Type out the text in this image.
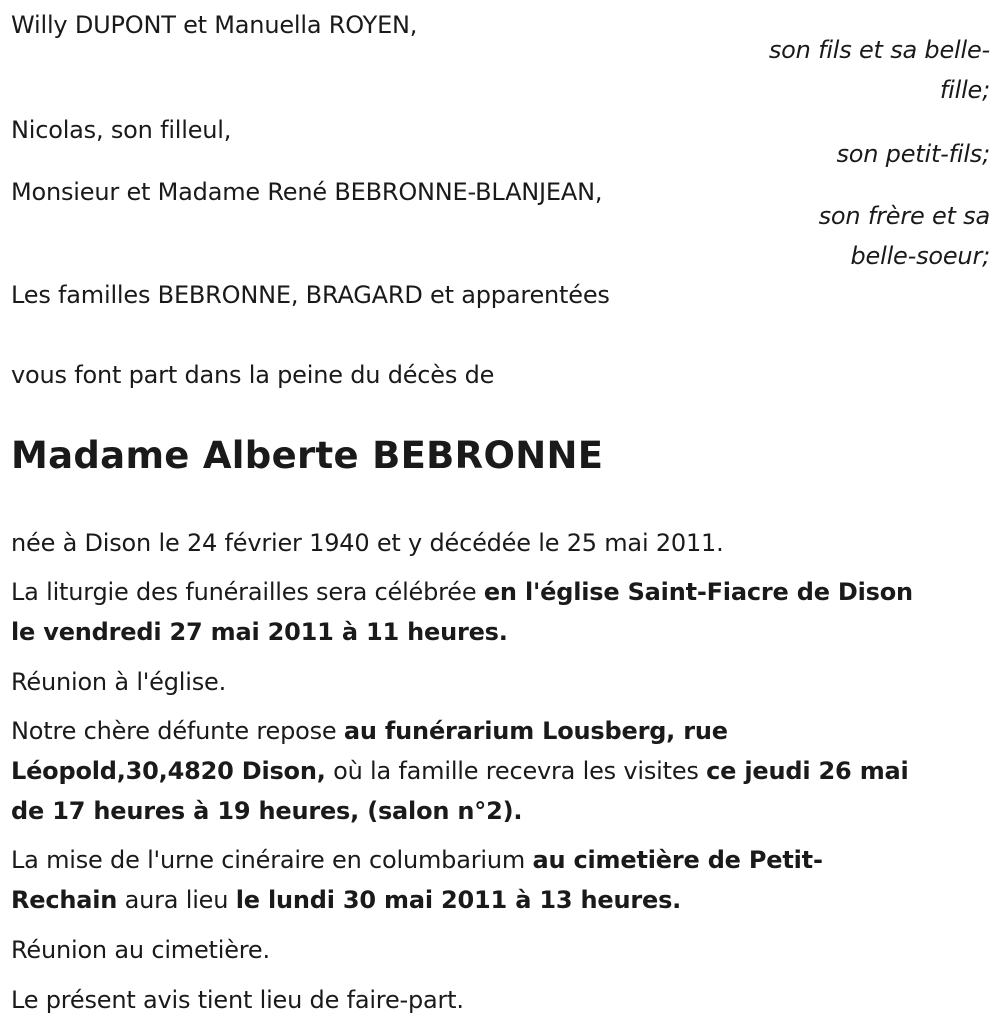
Willy DUPONT et Manuella ROYEN,
son fils et sa belle-
fille;
Nicolas, son filleul,
son petit-fils;
Monsieur et Madame René BEBRONNE-BLANJEAN,
son frère et sa
belle-soeur;
Les familles BEBRONNE, BRAGARD et apparentées
vous font part dans la peine du décès de
Madame Alberte BEBRONNE
née à Dison le 24 février 1940 et y décédée le 25 mai 2011.
La liturgie des funérailles sera célébrée en l'église Saint-Fiacre de Dison
le vendredi 27 mai 2011 à 11 heures.
Réunion à l'église.
Notre chère défunte repose au funérarium Lousberg, rue
Léopold,30,4820 Dison, où la famille recevra les visites ce jeudi 26 mai
de 17 heures à 19 heures, (salon n°2).
La mise de l'urne cinéraire en columbarium au cimetière de Petit-
Rechain aura lieu le lundi 30 mai 2011 à 13 heures.
Réunion au cimetière.
Le présent avis tient lieu de faire-part.
